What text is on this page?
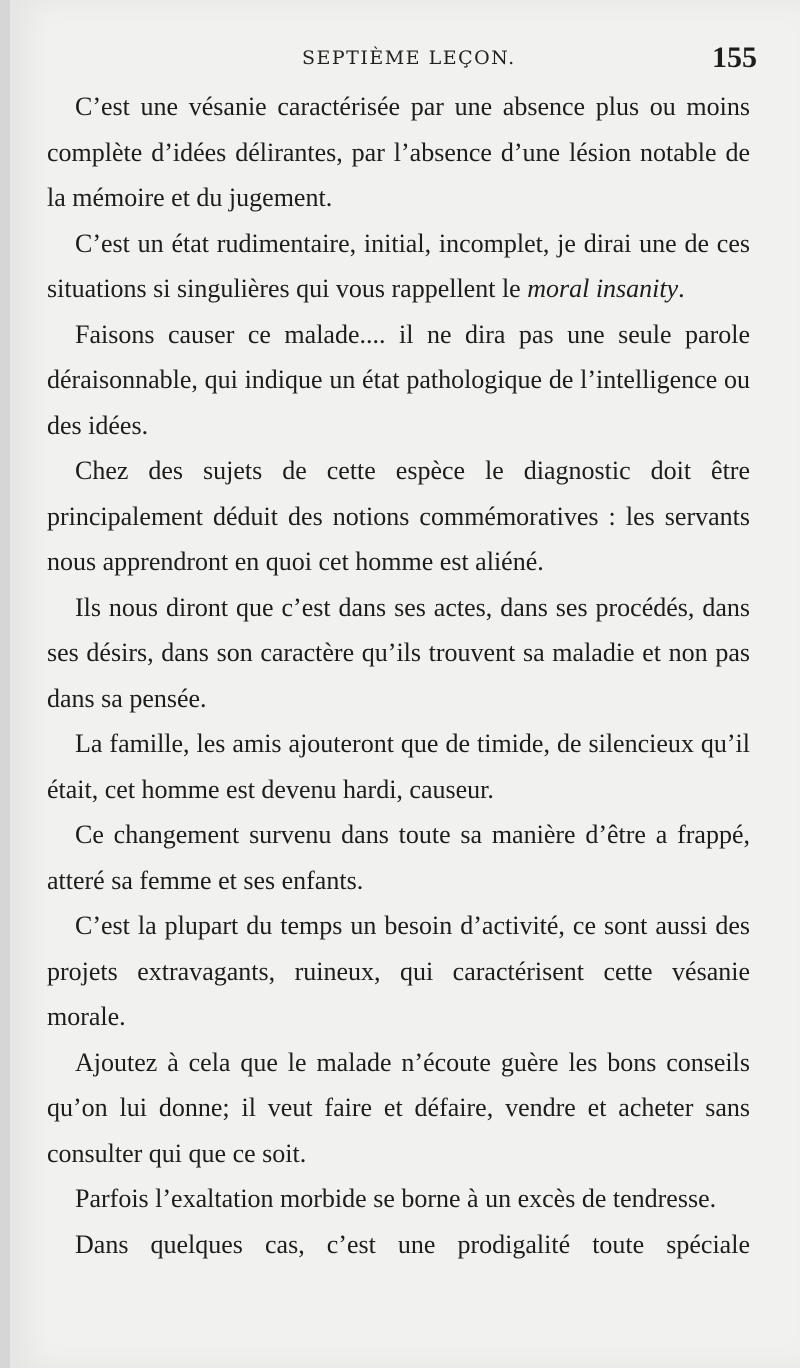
SEPTIÈME LEÇON.	155

C’est une vésanie caractérisée par une absence plus ou moins complète d’idées délirantes, par l’absence d’une lésion notable de la mémoire et du jugement.

C’est un état rudimentaire, initial, incomplet, je dirai une de ces situations si singulières qui vous rappellent le moral insanity.

Faisons causer ce malade.... il ne dira pas une seule parole déraisonnable, qui indique un état pathologique de l’intelligence ou des idées.

Chez des sujets de cette espèce le diagnostic doit être principalement déduit des notions commémoratives : les servants nous apprendront en quoi cet homme est aliéné.

Ils nous diront que c’est dans ses actes, dans ses procédés, dans ses désirs, dans son caractère qu’ils trouvent sa maladie et non pas dans sa pensée.

La famille, les amis ajouteront que de timide, de silencieux qu’il était, cet homme est devenu hardi, causeur.

Ce changement survenu dans toute sa manière d’être a frappé, atteré sa femme et ses enfants.

C’est la plupart du temps un besoin d’activité, ce sont aussi des projets extravagants, ruineux, qui caractérisent cette vésanie morale.

Ajoutez à cela que le malade n’écoute guère les bons conseils qu’on lui donne; il veut faire et défaire, vendre et acheter sans consulter qui que ce soit.

Parfois l’exaltation morbide se borne à un excès de tendresse.

Dans quelques cas, c’est une prodigalité toute spéciale
